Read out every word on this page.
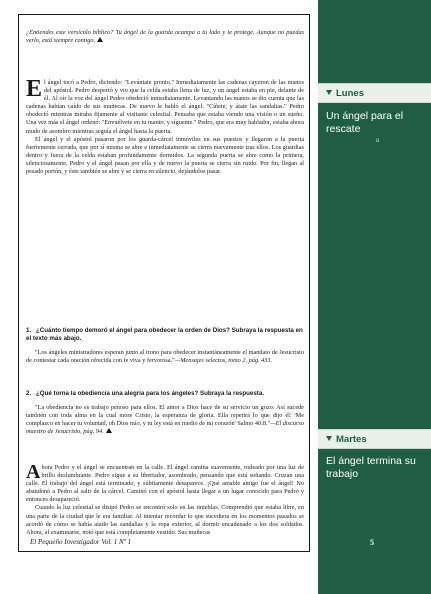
¿Entiendes este versículo bíblico? Tu ángel de la guarda acampa a tu lado y te protege. Aunque no puedas verlo, está siempre contigo.

El ángel tocó a Pedro, diciendo: "Levántate pronto." Inmediatamente las cadenas cayeron de las manos del apóstol. Pedro despertó y vio que la celda estaba llena de luz, y un ángel estaba en pie, delante de él. Al oír la voz del ángel Pedro obedeció inmediatamente. Levantando las manos se dio cuenta que las cadenas habían caído de sus muñecas. De nuevo le habló el ángel: "Cíñete, y átate las sandalias." Pedro obedeció mientras miraba fijamente al visitante celestial. Pensaba que estaba viendo una visión o un sueño. Una vez más el ángel ordenó: "Envuélvete en tu manto, y sígueme." Pedro, que era muy hablador, estaba ahora mudo de asombro mientras seguía el ángel hasta la puerta.

El ángel y el apóstol pasaron por los guarda-cárcel inmóviles en sus puestos y llegaron a la puerta fuertemente cerrada, que por sí misma se abre e inmediatamente se cierra nuevamente tras ellos. Los guardias dentro y fuera de la celda estaban profundamente dormidos. La segunda puerta se abre como la primera, silenciosamente. Pedro y el ángel pasan por ella y de nuevo la puerta se cierra sin ruido. Por fin, llegan al pesado portón, y éste también se abre y se cierra en silencio, dejándolos pasar.

1. ¿Cuánto tiempo demoró el ángel para obedecer la orden de Dios? Subraya la respuesta en el texto más abajo.

"Los ángeles ministradores esperan junto al trono para obedecer instantáneamente el mandato de Jesucristo de contestar cada oración ofrecida con fe viva y fervorosa."—Mensajes selectos, tomo 2, pág. 433.

2. ¿Qué torna la obediencia una alegría para los ángeles? Subraya la respuesta.

"La obediencia no es trabajo penoso para ellos. El amor a Dios hace de su servicio un gozo. Así sucede también con toda alma en la cual more Cristo, la esperanza de gloria. Ella repetirá lo que dijo él: 'Me complazco en hacer tu voluntad, oh Dios mío, y tu ley está en medio de mi corazón' Salmo 40:8."—El discurso maestro de Jesucristo, pág. 94.

Ahora Pedro y el ángel se encuentran en la calle. El ángel camina suavemente, rodeado por una luz de brillo deslumbrante. Pedro sigue a su libertador, asombrado, pensando que está soñando. Cruzan una calle. El trabajo del ángel está terminado, y súbitamente desaparece. ¡Qué amable amigo fue el ángel! No abandonó a Pedro al salir de la cárcel. Caminó con el apóstol hasta llegar a un lugar conocido para Pedro y entonces desapareció.

Cuando la luz celestial se disipó Pedro se encontró solo en las tinieblas. Comprendió que estaba libre, en una parte de la ciudad que le era familiar. Al intentar recordar lo que sucediera en los momentos pasados se acordó de cómo se había atado las sandalias y la ropa exterior, al dormir encadenado a los dos soldados. Ahora, al examinarse, notó que está completamente vestido. Sus muñecas

Lunes
Un ángel para el rescate
o
Martes
El ángel termina su trabajo
El Pequeño Investigador Vol. 1 Nº 1	5
